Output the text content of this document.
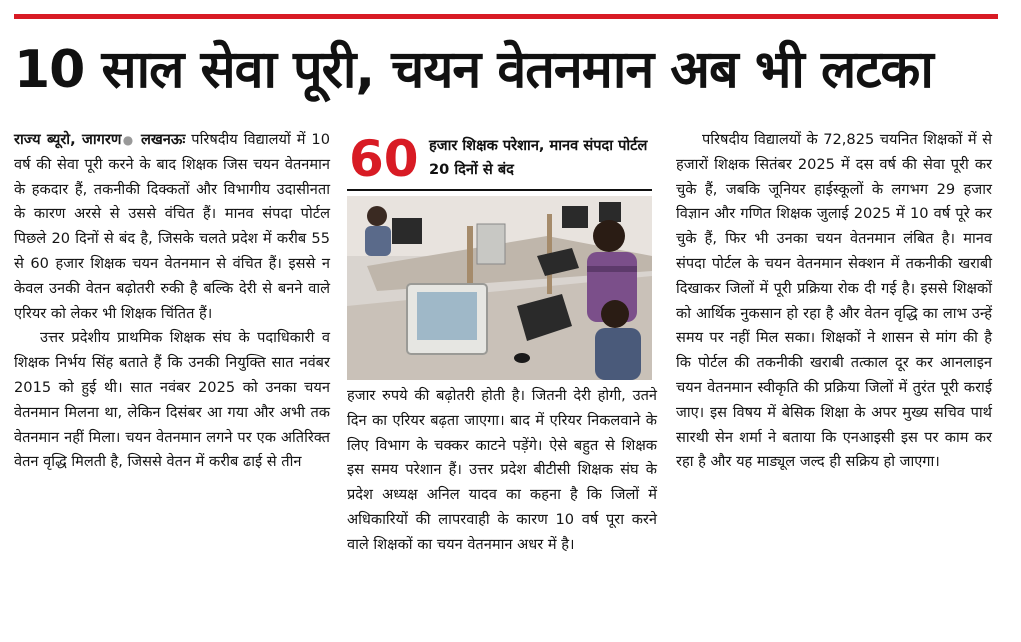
10 साल सेवा पूरी, चयन वेतनमान अब भी लटका

राज्य ब्यूरो, जागरण● लखनऊः परिषदीय विद्यालयों में 10 वर्ष की सेवा पूरी करने के बाद शिक्षक जिस चयन वेतनमान के हकदार हैं, तकनीकी दिक्कतों और विभागीय उदासीनता के कारण अरसे से उससे वंचित हैं। मानव संपदा पोर्टल पिछले 20 दिनों से बंद है, जिसके चलते प्रदेश में करीब 55 से 60 हजार शिक्षक चयन वेतनमान से वंचित हैं। इससे न केवल उनकी वेतन बढ़ोतरी रुकी है बल्कि देरी से बनने वाले एरियर को लेकर भी शिक्षक चिंतित हैं।

उत्तर प्रदेशीय प्राथमिक शिक्षक संघ के पदाधिकारी व शिक्षक निर्भय सिंह बताते हैं कि उनकी नियुक्ति सात नवंबर 2015 को हुई थी। सात नवंबर 2025 को उनका चयन वेतनमान मिलना था, लेकिन दिसंबर आ गया और अभी तक वेतनमान नहीं मिला। चयन वेतनमान लगने पर एक अतिरिक्त वेतन वृद्धि मिलती है, जिससे वेतन में करीब ढाई से तीन

60 हजार शिक्षक परेशान, मानव संपदा पोर्टल 20 दिनों से बंद

हजार रुपये की बढ़ोतरी होती है। जितनी देरी होगी, उतने दिन का एरियर बढ़ता जाएगा। बाद में एरियर निकलवाने के लिए विभाग के चक्कर काटने पड़ेंगे। ऐसे बहुत से शिक्षक इस समय परेशान हैं। उत्तर प्रदेश बीटीसी शिक्षक संघ के प्रदेश अध्यक्ष अनिल यादव का कहना है कि जिलों में अधिकारियों की लापरवाही के कारण 10 वर्ष पूरा करने वाले शिक्षकों का चयन वेतनमान अधर में है।

परिषदीय विद्यालयों के 72,825 चयनित शिक्षकों में से हजारों शिक्षक सितंबर 2025 में दस वर्ष की सेवा पूरी कर चुके हैं, जबकि जूनियर हाईस्कूलों के लगभग 29 हजार विज्ञान और गणित शिक्षक जुलाई 2025 में 10 वर्ष पूरे कर चुके हैं, फिर भी उनका चयन वेतनमान लंबित है। मानव संपदा पोर्टल के चयन वेतनमान सेक्शन में तकनीकी खराबी दिखाकर जिलों में पूरी प्रक्रिया रोक दी गई है। इससे शिक्षकों को आर्थिक नुकसान हो रहा है और वेतन वृद्धि का लाभ उन्हें समय पर नहीं मिल सका। शिक्षकों ने शासन से मांग की है कि पोर्टल की तकनीकी खराबी तत्काल दूर कर आनलाइन चयन वेतनमान स्वीकृति की प्रक्रिया जिलों में तुरंत पूरी कराई जाए। इस विषय में बेसिक शिक्षा के अपर मुख्य सचिव पार्थ सारथी सेन शर्मा ने बताया कि एनआइसी इस पर काम कर रहा है और यह माड्यूल जल्द ही सक्रिय हो जाएगा।
